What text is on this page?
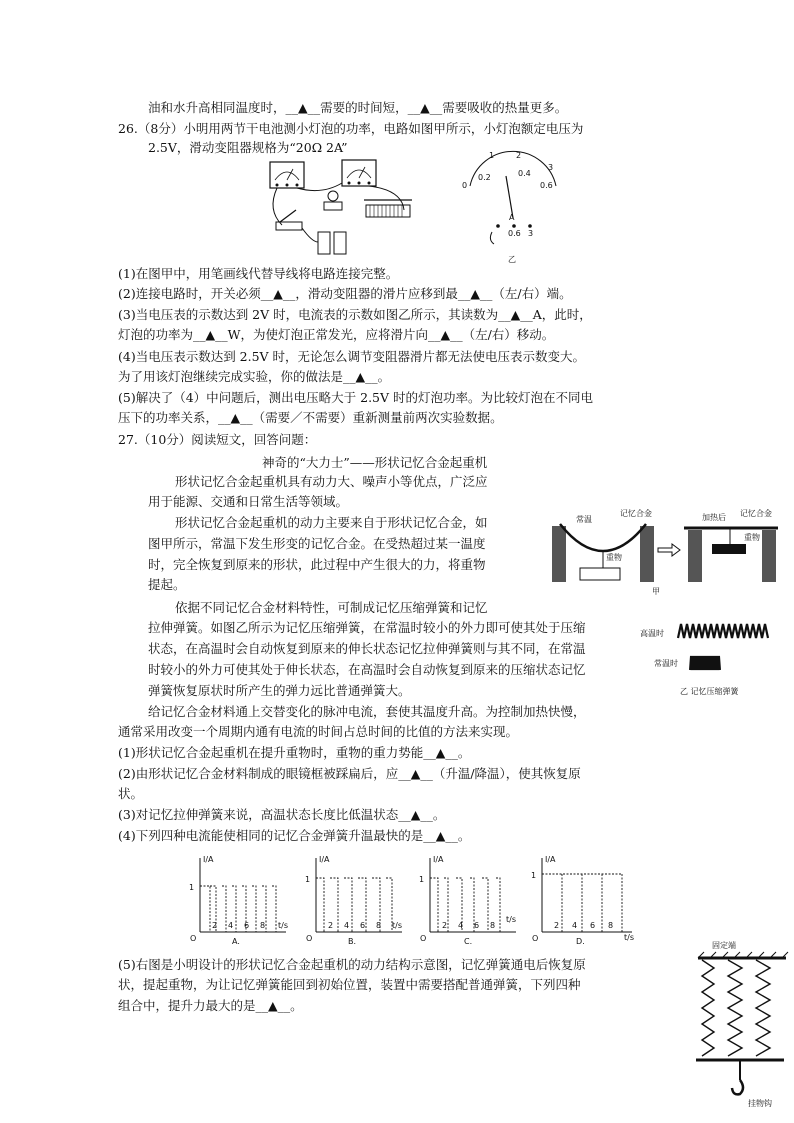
油和水升高相同温度时，__▲__需要的时间短，__▲__需要吸收的热量更多。
26.（8分）小明用两节干电池测小灯泡的功率，电路如图甲所示，小灯泡额定电压为
2.5V，滑动变阻器规格为“20Ω 2A”
1	2
3
0
0.2	0.4
0.6
A
0.6 3
乙
(1)在图甲中，用笔画线代替导线将电路连接完整。
(2)连接电路时，开关必须__▲__，滑动变阻器的滑片应移到最__▲__（左/右）端。
(3)当电压表的示数达到 2V 时，电流表的示数如图乙所示，其读数为__▲__A，此时，
灯泡的功率为__▲__W，为使灯泡正常发光，应将滑片向__▲__（左/右）移动。
(4)当电压表示数达到 2.5V 时，无论怎么调节变阻器滑片都无法使电压表示数变大。
为了用该灯泡继续完成实验，你的做法是__▲__。
(5)解决了（4）中问题后，测出电压略大于 2.5V 时的灯泡功率。为比较灯泡在不同电
压下的功率关系，__▲__（需要／不需要）重新测量前两次实验数据。
27.（10分）阅读短文，回答问题：
神奇的“大力士”——形状记忆合金起重机
形状记忆合金起重机具有动力大、噪声小等优点，广泛应
用于能源、交通和日常生活等领域。
形状记忆合金起重机的动力主要来自于形状记忆合金，如
图甲所示，常温下发生形变的记忆合金。在受热超过某一温度
时，完全恢复到原来的形状，此过程中产生很大的力，将重物
提起。
常温
记忆合金
重物
加热后 记忆合金
重物
甲
依据不同记忆合金材料特性，可制成记忆压缩弹簧和记忆
拉伸弹簧。如图乙所示为记忆压缩弹簧，在常温时较小的外力即可使其处于压缩
状态，在高温时会自动恢复到原来的伸长状态记忆拉伸弹簧则与其不同，在常温
时较小的外力可使其处于伸长状态，在高温时会自动恢复到原来的压缩状态记忆
弹簧恢复原状时所产生的弹力远比普通弹簧大。
高温时
常温时
乙 记忆压缩弹簧
给记忆合金材料通上交替变化的脉冲电流，套使其温度升高。为控制加热快慢，
通常采用改变一个周期内通有电流的时间占总时间的比值的方法来实现。
(1)形状记忆合金起重机在提升重物时，重物的重力势能__▲__。
(2)由形状记忆合金材料制成的眼镜框被踩扁后，应__▲__（升温/降温），使其恢复原
状。
(3)对记忆拉伸弹簧来说，高温状态长度比低温状态__▲__。
(4)下列四种电流能使相同的记忆合金弹簧升温最快的是__▲__。
I/A
1
O
2 4 6 8 t/s
A.
I/A
1
O
2 4 6 8 t/s
B.
I/A
1
O
2 4 6 8
t/s
C.
I/A
1
O
2 4 6 8
t/s
D.
(5)右图是小明设计的形状记忆合金起重机的动力结构示意图，记忆弹簧通电后恢复原
状，提起重物，为让记忆弹簧能回到初始位置，装置中需要搭配普通弹簧，下列四种
组合中，提升力最大的是__▲__。
固定端
挂物钩
